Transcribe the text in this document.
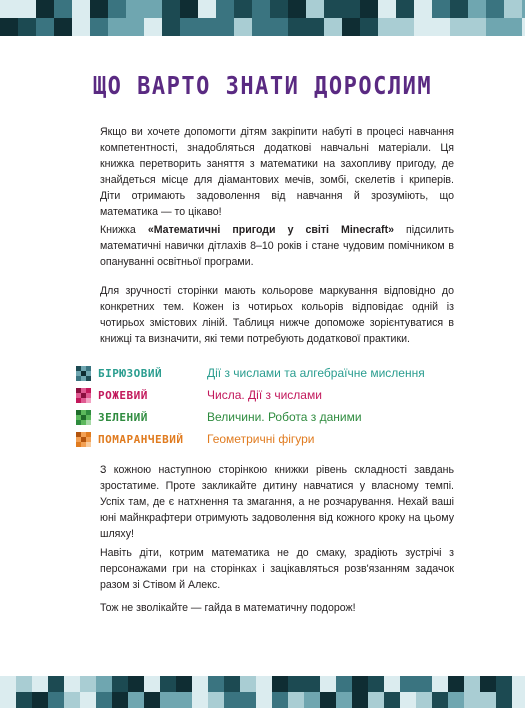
ЩО ВАРТО ЗНАТИ ДОРОСЛИМ

Якщо ви хочете допомогти дітям закріпити набуті в процесі навчання компетентності, знадобляться додаткові навчальні матеріали. Ця книжка перетворить заняття з математики на захопливу пригоду, де знайдеться місце для діамантових мечів, зомбі, скелетів і криперів. Діти отримають задоволення від навчання й зрозуміють, що математика — то цікаво!

Книжка «Математичні пригоди у світі Minecraft» підсилить математичні навички дітлахів 8–10 років і стане чудовим помічником в опануванні освітньої програми.

Для зручності сторінки мають кольорове маркування відповідно до конкретних тем. Кожен із чотирьох кольорів відповідає одній із чотирьох змістових ліній. Таблиця нижче допоможе зорієнтуватися в книжці та визначити, які теми потребують додаткової практики.

БІРЮЗОВИЙ	Дії з числами та алгебраїчне мислення
РОЖЕВИЙ	Числа. Дії з числами
ЗЕЛЕНИЙ	Величини. Робота з даними
ПОМАРАНЧЕВИЙ	Геометричні фігури

З кожною наступною сторінкою книжки рівень складності завдань зростатиме. Проте закликайте дитину навчатися у власному темпі. Успіх там, де є натхнення та змагання, а не розчарування. Нехай ваші юні майнкрафтери отримують задоволення від кожного кроку на цьому шляху!

Навіть діти, котрим математика не до смаку, зрадіють зустрічі з персонажами гри на сторінках і зацікавляться розв'язанням задачок разом зі Стівом й Алекс.

Тож не зволікайте — гайда в математичну подорож!
